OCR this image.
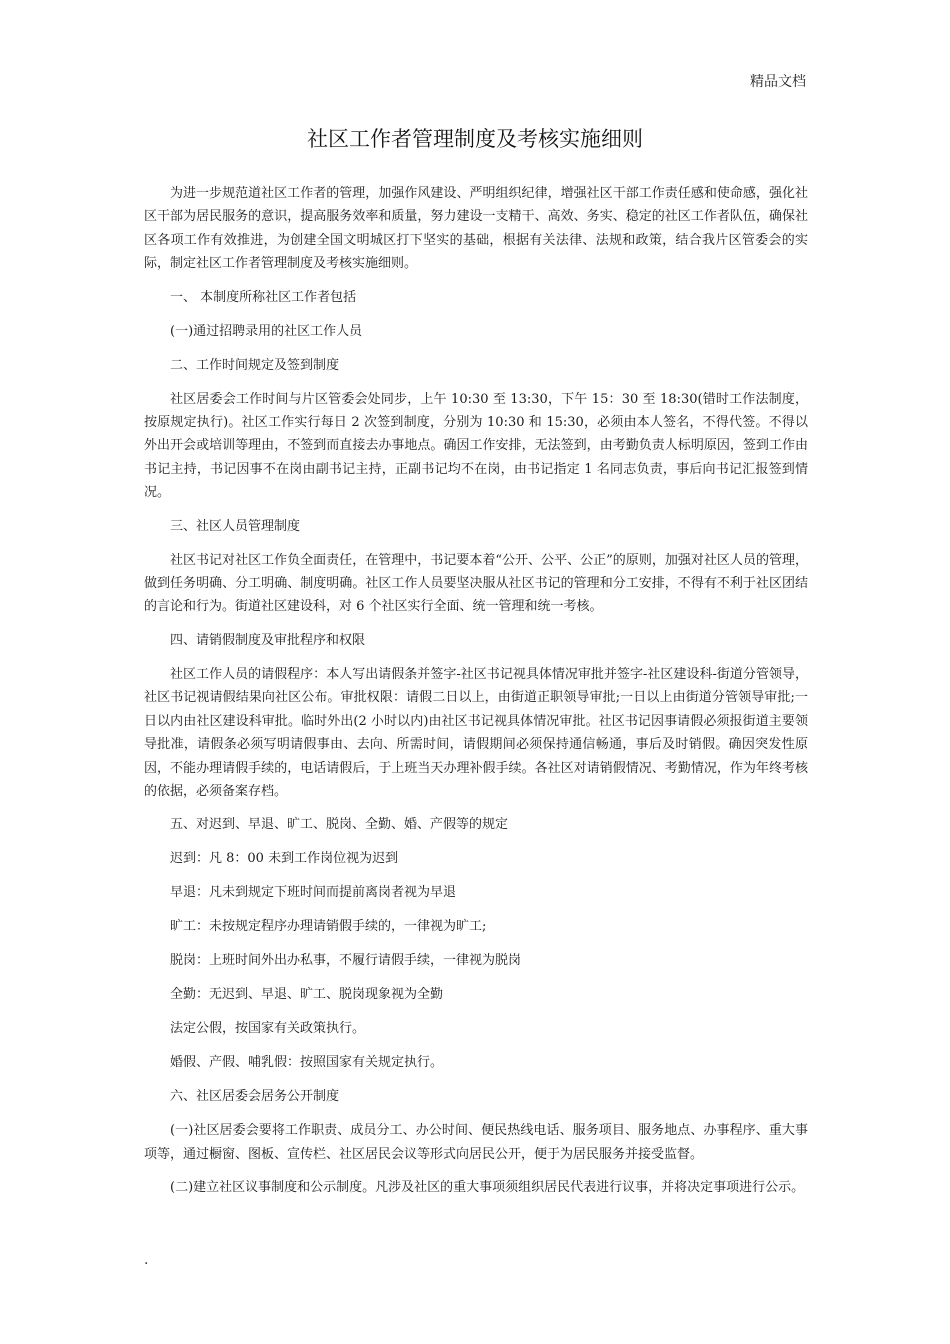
精品文档
社区工作者管理制度及考核实施细则

为进一步规范道社区工作者的管理，加强作风建设、严明组织纪律，增强社区干部工作责任感和使命感，强化社区干部为居民服务的意识，提高服务效率和质量，努力建设一支精干、高效、务实、稳定的社区工作者队伍，确保社区各项工作有效推进，为创建全国文明城区打下坚实的基础，根据有关法律、法规和政策，结合我片区管委会的实际，制定社区工作者管理制度及考核实施细则。

一、 本制度所称社区工作者包括

(一)通过招聘录用的社区工作人员

二、工作时间规定及签到制度

社区居委会工作时间与片区管委会处同步，上午 10:30 至 13:30，下午 15：30 至 18:30(错时工作法制度，按原规定执行)。社区工作实行每日 2 次签到制度，分别为 10:30 和 15:30，必须由本人签名，不得代签。不得以外出开会或培训等理由，不签到而直接去办事地点。确因工作安排，无法签到，由考勤负责人标明原因，签到工作由书记主持，书记因事不在岗由副书记主持，正副书记均不在岗，由书记指定 1 名同志负责，事后向书记汇报签到情况。

三、社区人员管理制度

社区书记对社区工作负全面责任，在管理中，书记要本着“公开、公平、公正”的原则，加强对社区人员的管理，做到任务明确、分工明确、制度明确。社区工作人员要坚决服从社区书记的管理和分工安排，不得有不利于社区团结的言论和行为。街道社区建设科，对 6 个社区实行全面、统一管理和统一考核。

四、请销假制度及审批程序和权限

社区工作人员的请假程序：本人写出请假条并签字-社区书记视具体情况审批并签字-社区建设科-街道分管领导，社区书记视请假结果向社区公布。审批权限：请假二日以上，由街道正职领导审批;一日以上由街道分管领导审批;一日以内由社区建设科审批。临时外出(2 小时以内)由社区书记视具体情况审批。社区书记因事请假必须报街道主要领导批准，请假条必须写明请假事由、去向、所需时间，请假期间必须保持通信畅通，事后及时销假。确因突发性原因，不能办理请假手续的，电话请假后，于上班当天办理补假手续。各社区对请销假情况、考勤情况，作为年终考核的依据，必须备案存档。

五、对迟到、早退、旷工、脱岗、全勤、婚、产假等的规定

迟到：凡 8：00 未到工作岗位视为迟到

早退：凡未到规定下班时间而提前离岗者视为早退

旷工：未按规定程序办理请销假手续的，一律视为旷工;

脱岗：上班时间外出办私事，不履行请假手续，一律视为脱岗

全勤：无迟到、早退、旷工、脱岗现象视为全勤

法定公假，按国家有关政策执行。

婚假、产假、哺乳假：按照国家有关规定执行。

六、社区居委会居务公开制度

(一)社区居委会要将工作职责、成员分工、办公时间、便民热线电话、服务项目、服务地点、办事程序、重大事项等，通过橱窗、图板、宣传栏、社区居民会议等形式向居民公开，便于为居民服务并接受监督。

(二)建立社区议事制度和公示制度。凡涉及社区的重大事项须组织居民代表进行议事，并将决定事项进行公示。

.
